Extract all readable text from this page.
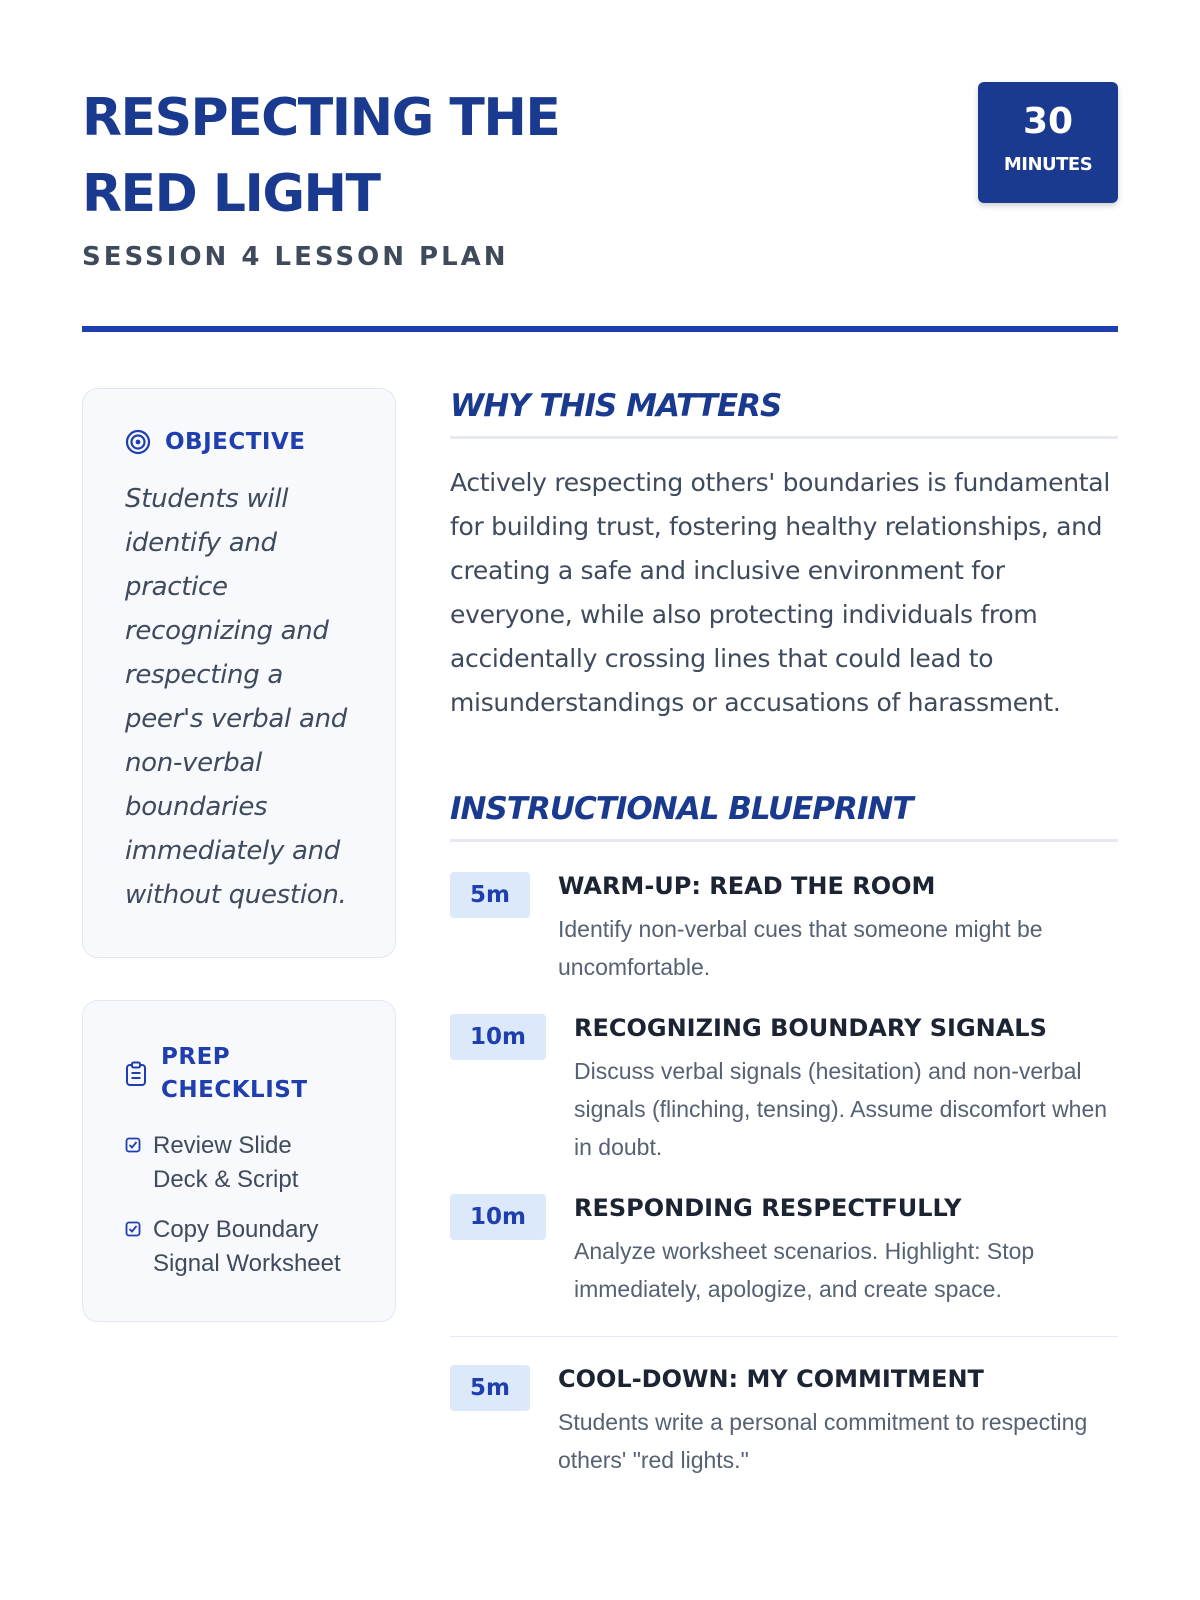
RESPECTING THE
RED LIGHT
SESSION 4 LESSON PLAN
30
MINUTES
OBJECTIVE

Students will identify and practice recognizing and respecting a peer's verbal and non-verbal boundaries immediately and without question.

PREP
CHECKLIST
Review Slide Deck & Script
Copy Boundary Signal Worksheet
WHY THIS MATTERS

Actively respecting others' boundaries is fundamental for building trust, fostering healthy relationships, and creating a safe and inclusive environment for everyone, while also protecting individuals from accidentally crossing lines that could lead to misunderstandings or accusations of harassment.

INSTRUCTIONAL BLUEPRINT
5m	WARM-UP: READ THE ROOM
Identify non-verbal cues that someone might be uncomfortable.
10m	RECOGNIZING BOUNDARY SIGNALS
Discuss verbal signals (hesitation) and non-verbal signals (flinching, tensing). Assume discomfort when in doubt.
10m	RESPONDING RESPECTFULLY
Analyze worksheet scenarios. Highlight: Stop immediately, apologize, and create space.
5m	COOL-DOWN: MY COMMITMENT
Students write a personal commitment to respecting others' "red lights."
